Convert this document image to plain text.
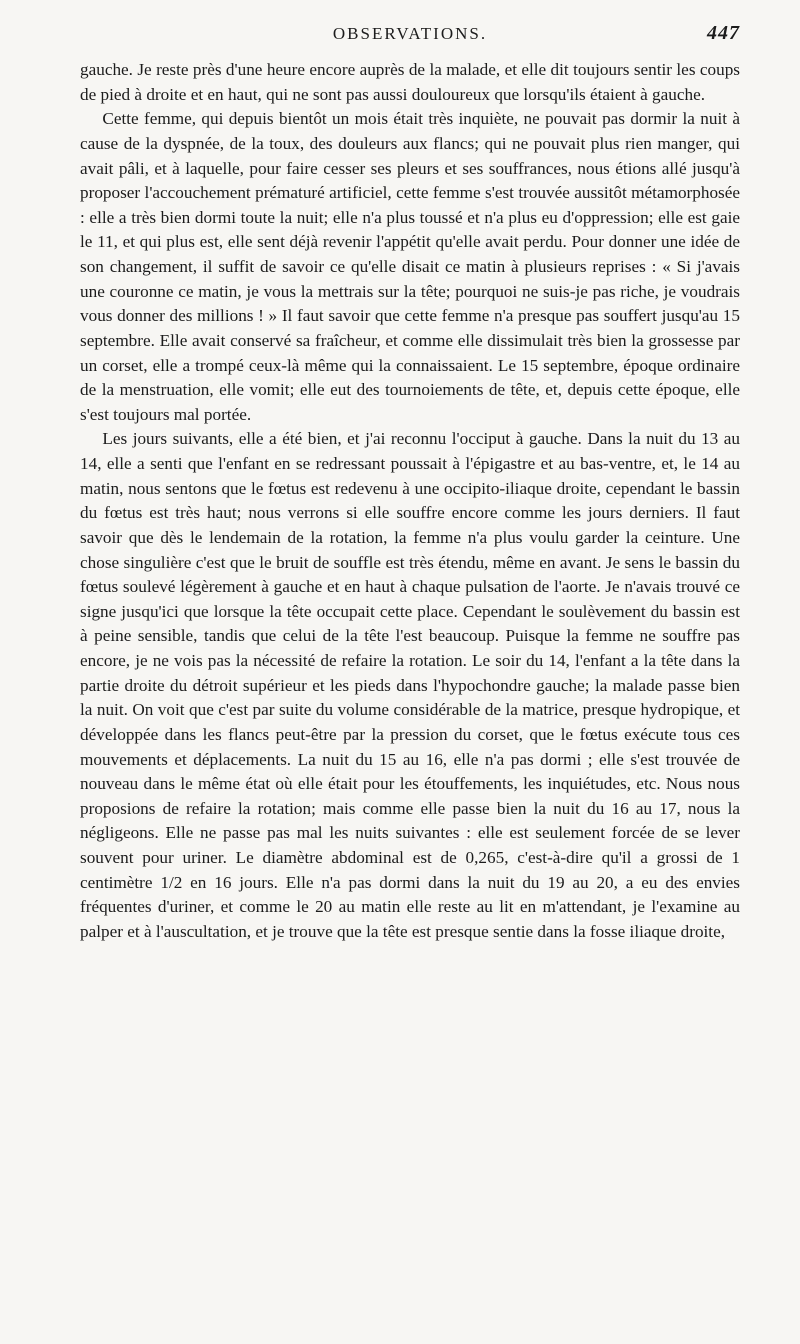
OBSERVATIONS.	447

gauche. Je reste près d'une heure encore auprès de la malade, et elle dit toujours sentir les coups de pied à droite et en haut, qui ne sont pas aussi douloureux que lorsqu'ils étaient à gauche.

Cette femme, qui depuis bientôt un mois était très inquiète, ne pouvait pas dormir la nuit à cause de la dyspnée, de la toux, des douleurs aux flancs; qui ne pouvait plus rien manger, qui avait pâli, et à laquelle, pour faire cesser ses pleurs et ses souffrances, nous étions allé jusqu'à proposer l'accouchement prématuré artificiel, cette femme s'est trouvée aussitôt métamorphosée : elle a très bien dormi toute la nuit; elle n'a plus toussé et n'a plus eu d'oppression; elle est gaie le 11, et qui plus est, elle sent déjà revenir l'appétit qu'elle avait perdu. Pour donner une idée de son changement, il suffit de savoir ce qu'elle disait ce matin à plusieurs reprises : « Si j'avais une couronne ce matin, je vous la mettrais sur la tête; pourquoi ne suis-je pas riche, je voudrais vous donner des millions ! » Il faut savoir que cette femme n'a presque pas souffert jusqu'au 15 septembre. Elle avait conservé sa fraîcheur, et comme elle dissimulait très bien la grossesse par un corset, elle a trompé ceux-là même qui la connaissaient. Le 15 septembre, époque ordinaire de la menstruation, elle vomit; elle eut des tournoiements de tête, et, depuis cette époque, elle s'est toujours mal portée.

Les jours suivants, elle a été bien, et j'ai reconnu l'occiput à gauche. Dans la nuit du 13 au 14, elle a senti que l'enfant en se redressant poussait à l'épigastre et au bas-ventre, et, le 14 au matin, nous sentons que le fœtus est redevenu à une occipito-iliaque droite, cependant le bassin du fœtus est très haut; nous verrons si elle souffre encore comme les jours derniers. Il faut savoir que dès le lendemain de la rotation, la femme n'a plus voulu garder la ceinture. Une chose singulière c'est que le bruit de souffle est très étendu, même en avant. Je sens le bassin du fœtus soulevé légèrement à gauche et en haut à chaque pulsation de l'aorte. Je n'avais trouvé ce signe jusqu'ici que lorsque la tête occupait cette place. Cependant le soulèvement du bassin est à peine sensible, tandis que celui de la tête l'est beaucoup. Puisque la femme ne souffre pas encore, je ne vois pas la nécessité de refaire la rotation. Le soir du 14, l'enfant a la tête dans la partie droite du détroit supérieur et les pieds dans l'hypochondre gauche; la malade passe bien la nuit. On voit que c'est par suite du volume considérable de la matrice, presque hydropique, et développée dans les flancs peut-être par la pression du corset, que le fœtus exécute tous ces mouvements et déplacements. La nuit du 15 au 16, elle n'a pas dormi ; elle s'est trouvée de nouveau dans le même état où elle était pour les étouffements, les inquiétudes, etc. Nous nous proposions de refaire la rotation; mais comme elle passe bien la nuit du 16 au 17, nous la négligeons. Elle ne passe pas mal les nuits suivantes : elle est seulement forcée de se lever souvent pour uriner. Le diamètre abdominal est de 0,265, c'est-à-dire qu'il a grossi de 1 centimètre 1/2 en 16 jours. Elle n'a pas dormi dans la nuit du 19 au 20, a eu des envies fréquentes d'uriner, et comme le 20 au matin elle reste au lit en m'attendant, je l'examine au palper et à l'auscultation, et je trouve que la tête est presque sentie dans la fosse iliaque droite,
